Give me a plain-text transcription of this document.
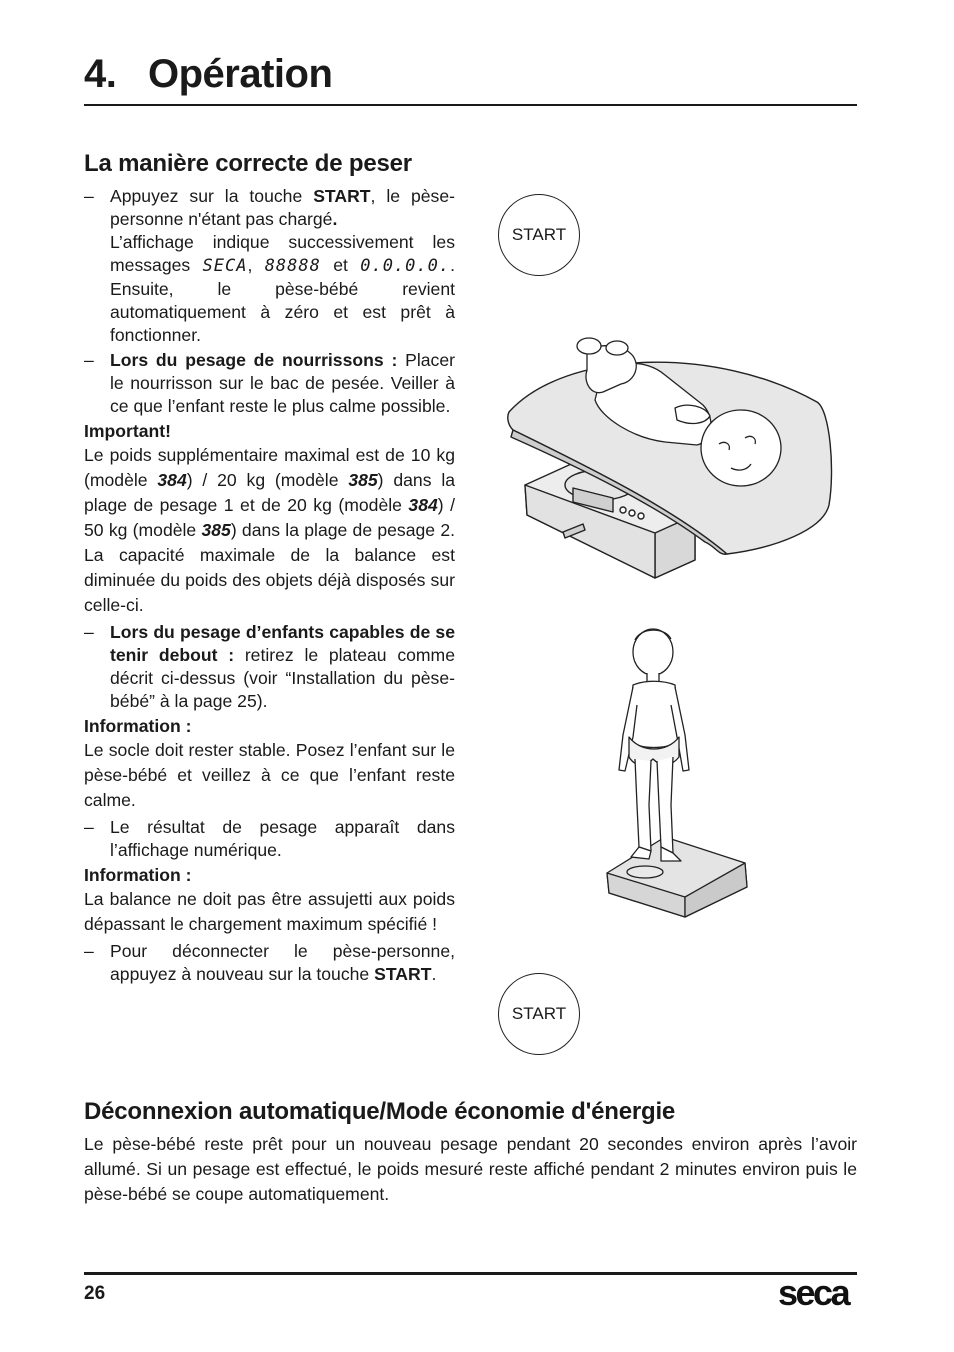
4. Opération
La manière correcte de peser

– Appuyez sur la touche START, le pèse-personne n'étant pas chargé.
L’affichage indique successivement les messages SECA, 88888 et 0.0.0.0.. Ensuite, le pèse-bébé revient automatiquement à zéro et est prêt à fonctionner.

– Lors du pesage de nourrissons : Placer le nourrisson sur le bac de pesée. Veiller à ce que l’enfant reste le plus calme possible.

Important!

Le poids supplémentaire maximal est de 10 kg (modèle 384) / 20 kg (modèle 385) dans la plage de pesage 1 et de 20 kg (modèle 384) / 50 kg (modèle 385) dans la plage de pesage 2. La capacité maximale de la balance est diminuée du poids des objets déjà disposés sur celle-ci.

– Lors du pesage d’enfants capables de se tenir debout : retirez le plateau comme décrit ci-dessus (voir “Installation du pèse-bébé” à la page 25).

Information :

Le socle doit rester stable. Posez l’enfant sur le pèse-bébé et veillez à ce que l’enfant reste calme.

– Le résultat de pesage apparaît dans l’affichage numérique.

Information :

La balance ne doit pas être assujetti aux poids dépassant le chargement maximum spécifié !

– Pour déconnecter le pèse-personne, appuyez à nouveau sur la touche START.

START
START
Déconnexion automatique/Mode économie d'énergie

Le pèse-bébé reste prêt pour un nouveau pesage pendant 20 secondes environ après l’avoir allumé. Si un pesage est effectué, le poids mesuré reste affiché pendant 2 minutes environ puis le pèse-bébé se coupe automatiquement.

26	seca
